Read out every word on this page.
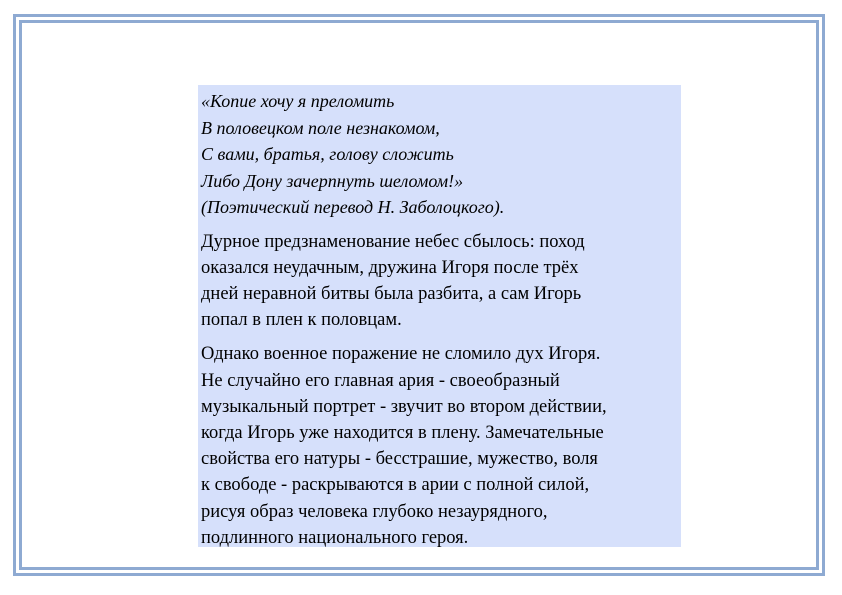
«Копие хочу я преломить
В половецком поле незнакомом,
С вами, братья, голову сложить
Либо Дону зачерпнуть шеломом!»
(Поэтический перевод Н. Заболоцкого).
Дурное предзнаменование небес сбылось: поход
оказался неудачным, дружина Игоря после трёх
дней неравной битвы была разбита, а сам Игорь
попал в плен к половцам.
Однако военное поражение не сломило дух Игоря.
Не случайно его главная ария - своеобразный
музыкальный портрет - звучит во втором действии,
когда Игорь уже находится в плену. Замечательные
свойства его натуры - бесстрашие, мужество, воля
к свободе - раскрываются в арии с полной силой,
рисуя образ человека глубоко незаурядного,
подлинного национального героя.
